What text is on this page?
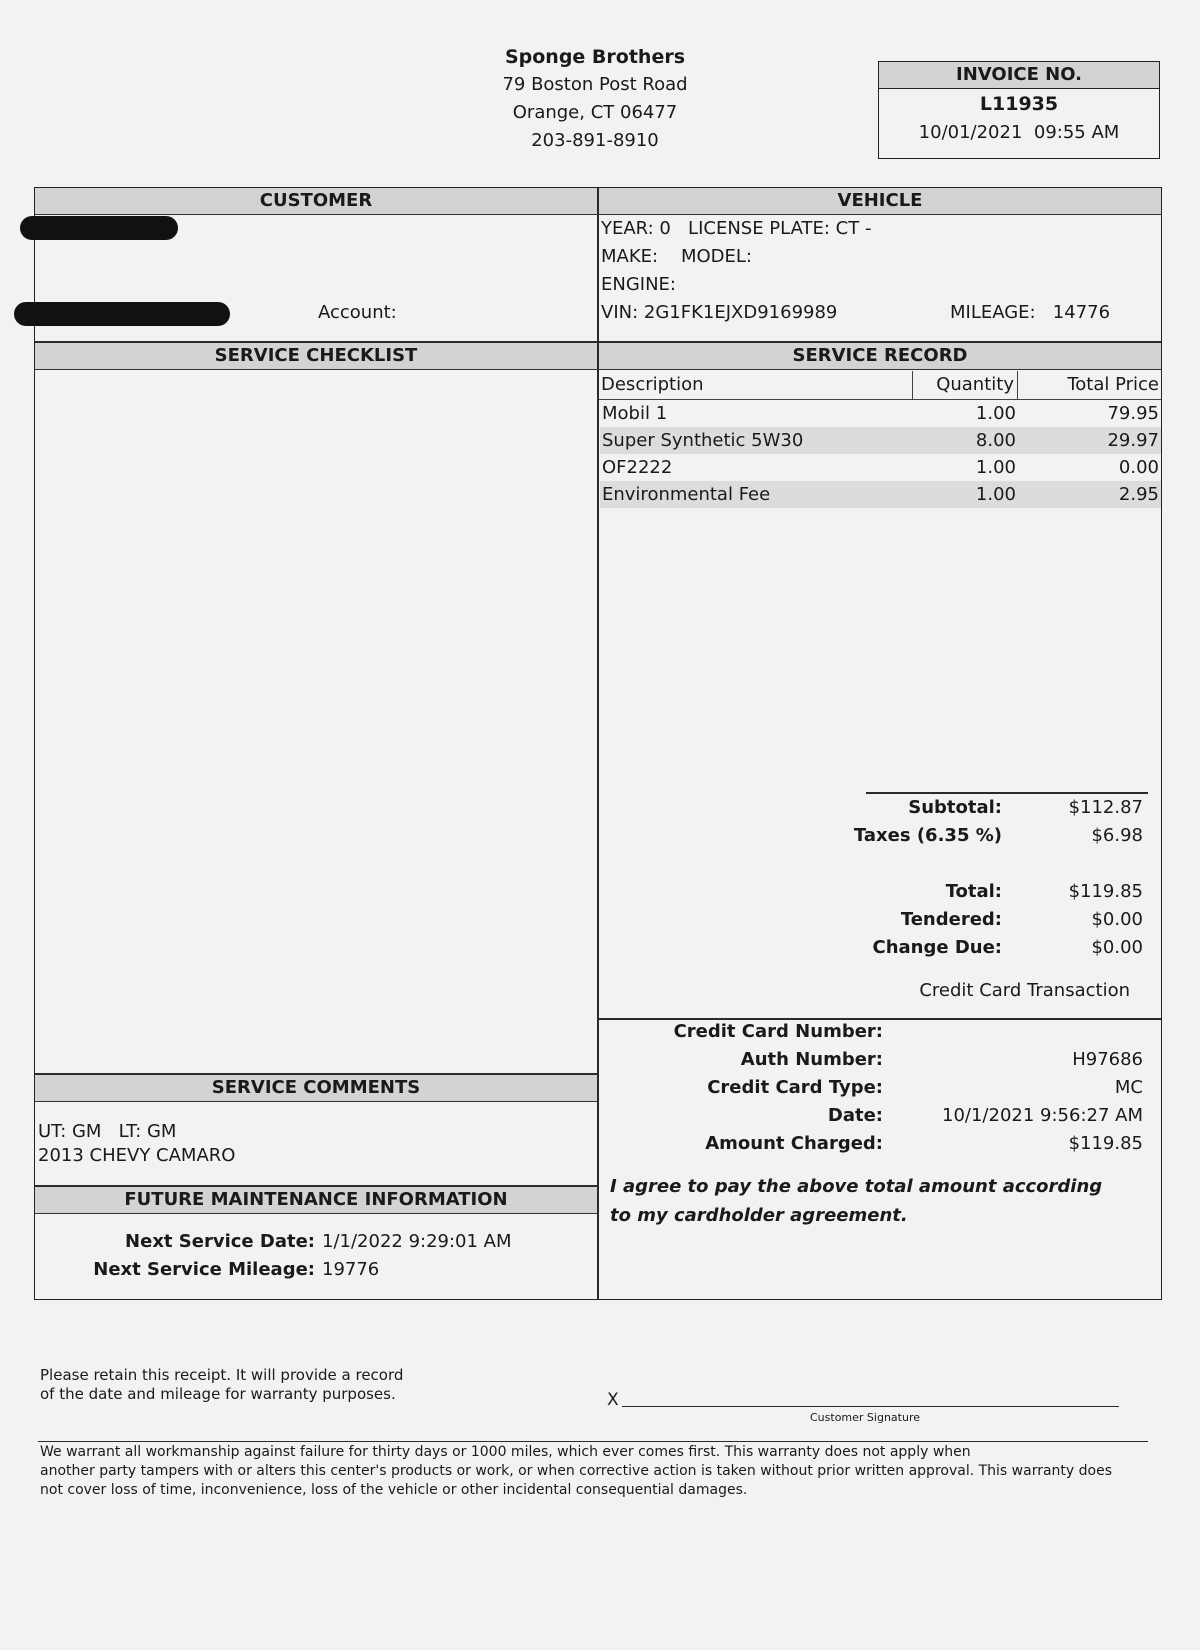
Sponge Brothers
79 Boston Post Road
Orange, CT 06477
203-891-8910
INVOICE NO.
L11935
10/01/2021  09:55 AM
CUSTOMER	VEHICLE
Account:
YEAR: 0   LICENSE PLATE: CT -
MAKE:    MODEL:
ENGINE:
VIN: 2G1FK1EJXD9169989	MILEAGE:   14776
SERVICE CHECKLIST	SERVICE RECORD
Description	Quantity	Total Price
Mobil 1	1.00	79.95
Super Synthetic 5W30	8.00	29.97
OF2222	1.00	0.00
Environmental Fee	1.00	2.95
Subtotal:	$112.87
Taxes (6.35 %)	$6.98
Total:	$119.85
Tendered:	$0.00
Change Due:	$0.00
Credit Card Transaction
Credit Card Number:
Auth Number:	H97686
Credit Card Type:	MC
Date:	10/1/2021 9:56:27 AM
Amount Charged:	$119.85
I agree to pay the above total amount according
to my cardholder agreement.
SERVICE COMMENTS
UT: GM   LT: GM
2013 CHEVY CAMARO
FUTURE MAINTENANCE INFORMATION
Next Service Date: 1/1/2022 9:29:01 AM
Next Service Mileage: 19776
Please retain this receipt. It will provide a record
of the date and mileage for warranty purposes.	X
Customer Signature
We warrant all workmanship against failure for thirty days or 1000 miles, which ever comes first. This warranty does not apply when
another party tampers with or alters this center's products or work, or when corrective action is taken without prior written approval. This warranty does
not cover loss of time, inconvenience, loss of the vehicle or other incidental consequential damages.
